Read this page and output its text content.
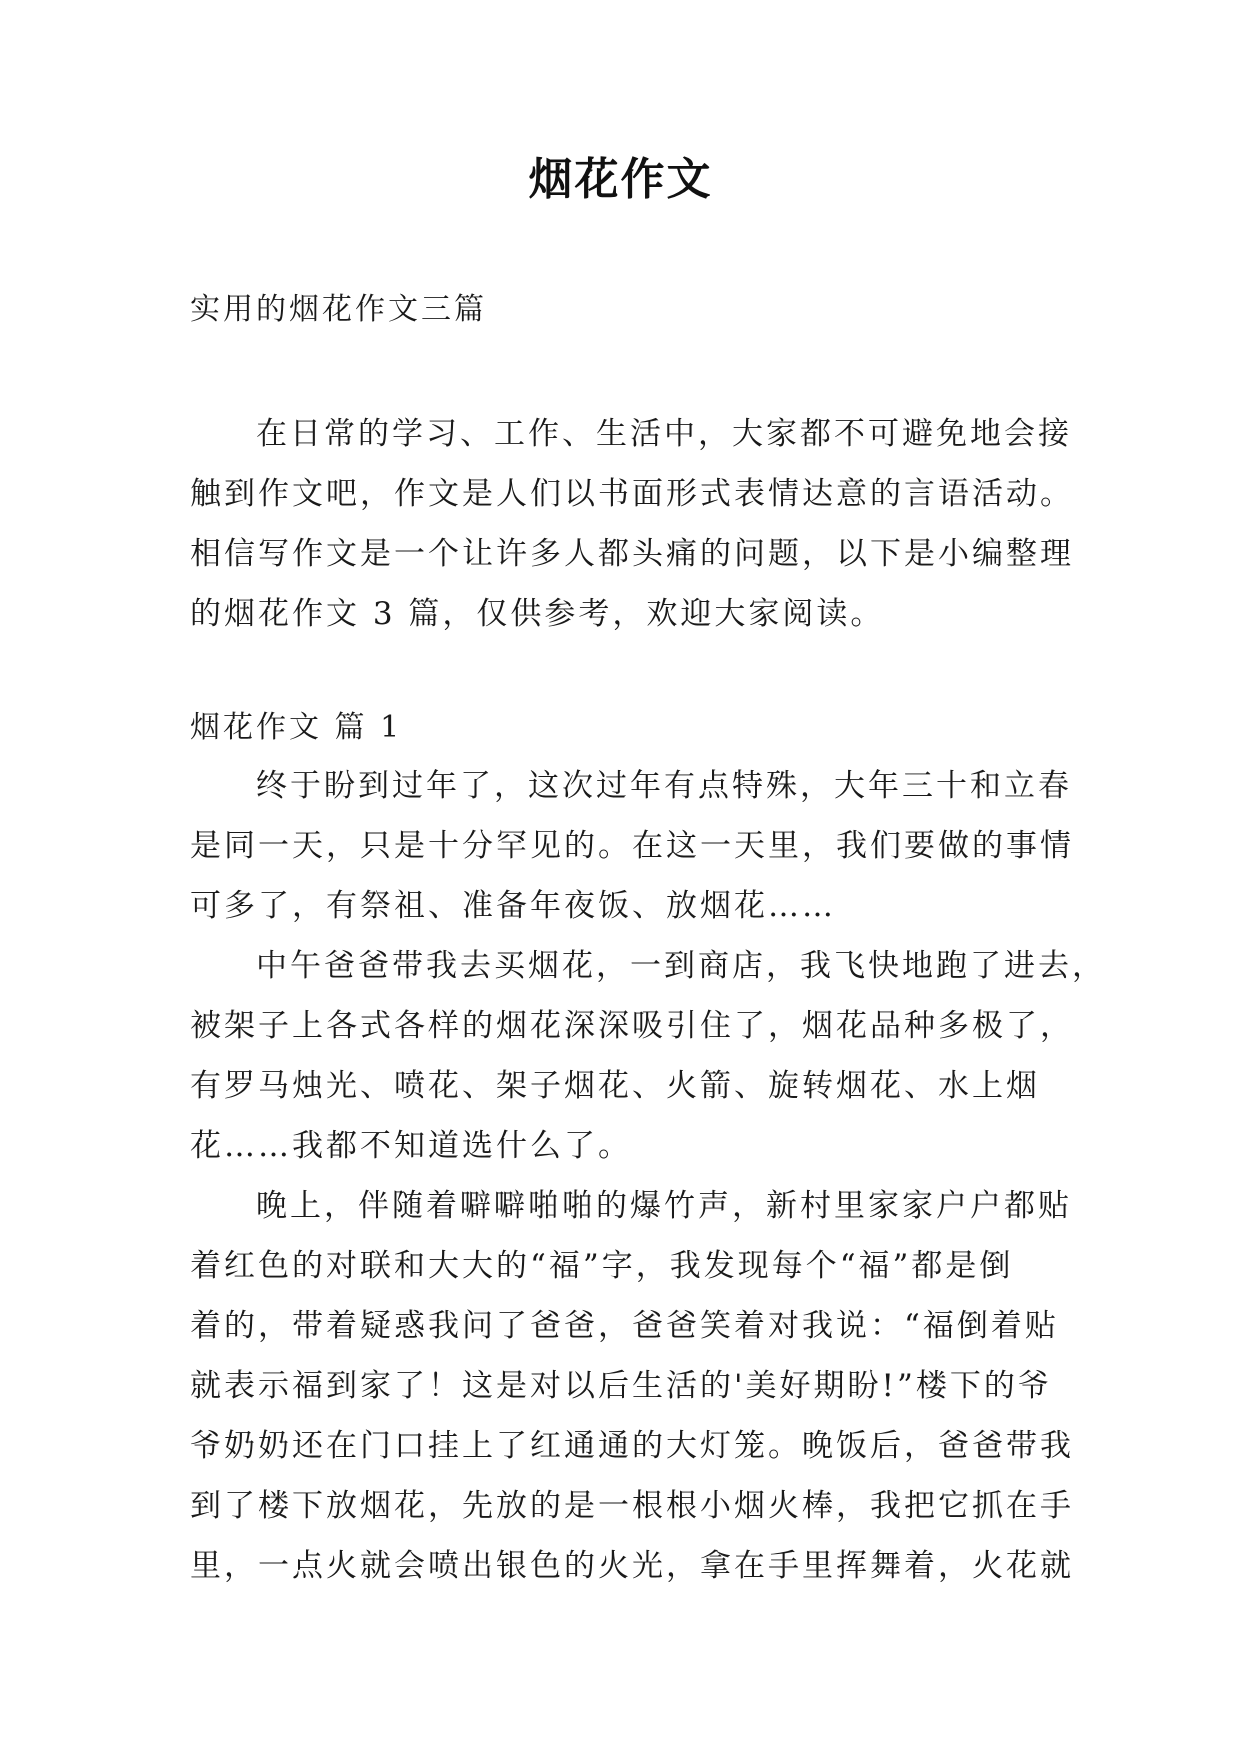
烟花作文
实用的烟花作文三篇
在日常的学习、工作、生活中，大家都不可避免地会接
触到作文吧，作文是人们以书面形式表情达意的言语活动。
相信写作文是一个让许多人都头痛的问题，以下是小编整理
的烟花作文 3 篇，仅供参考，欢迎大家阅读。
烟花作文 篇 1
终于盼到过年了，这次过年有点特殊，大年三十和立春
是同一天，只是十分罕见的。在这一天里，我们要做的事情
可多了，有祭祖、准备年夜饭、放烟花……
中午爸爸带我去买烟花，一到商店，我飞快地跑了进去，
被架子上各式各样的烟花深深吸引住了，烟花品种多极了，
有罗马烛光、喷花、架子烟花、火箭、旋转烟花、水上烟
花……我都不知道选什么了。
晚上，伴随着噼噼啪啪的爆竹声，新村里家家户户都贴
着红色的对联和大大的“福”字，我发现每个“福”都是倒
着的，带着疑惑我问了爸爸，爸爸笑着对我说：“福倒着贴
就表示福到家了！这是对以后生活的'美好期盼!”楼下的爷
爷奶奶还在门口挂上了红通通的大灯笼。晚饭后，爸爸带我
到了楼下放烟花，先放的是一根根小烟火棒，我把它抓在手
里，一点火就会喷出银色的火光，拿在手里挥舞着，火花就
